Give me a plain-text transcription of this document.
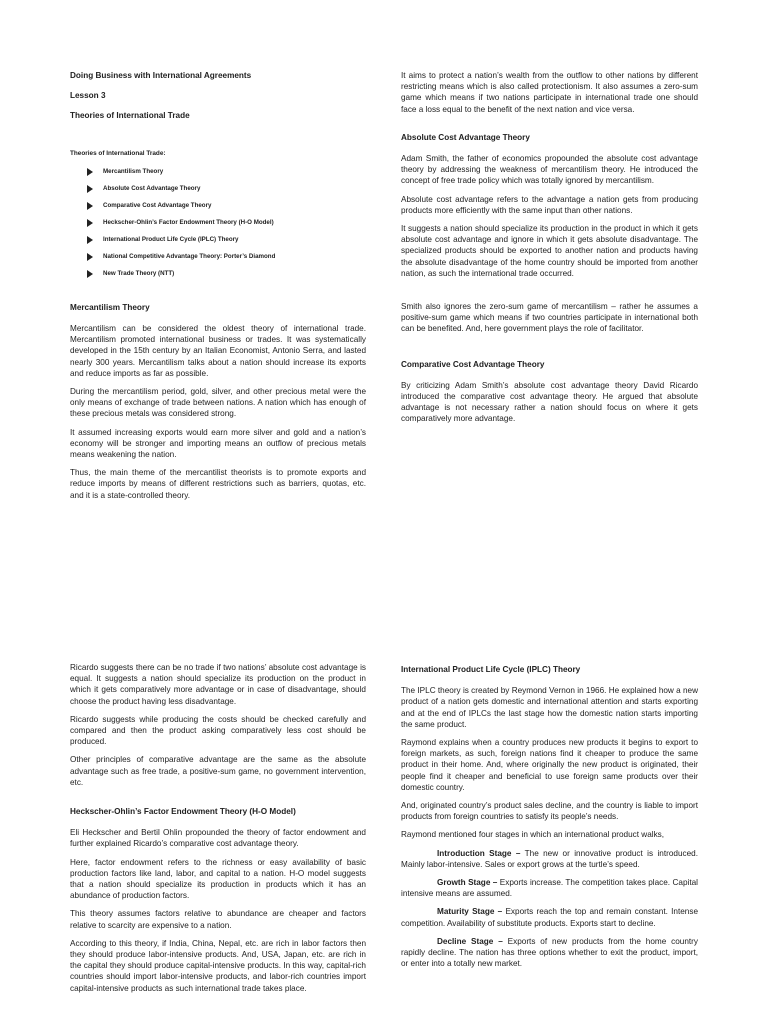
Doing Business with International Agreements
Lesson 3
Theories of International Trade
Theories of International Trade:
Mercantilism Theory
Absolute Cost Advantage Theory
Comparative Cost Advantage Theory
Heckscher-Ohlin’s Factor Endowment Theory (H-O Model)
International Product Life Cycle (IPLC) Theory
National Competitive Advantage Theory: Porter’s Diamond
New Trade Theory (NTT)
Mercantilism Theory

Mercantilism can be considered the oldest theory of international trade. Mercantilism promoted international business or trades. It was systematically developed in the 15th century by an Italian Economist, Antonio Serra, and lasted nearly 300 years. Mercantilism talks about a nation should increase its exports and reduce imports as far as possible.

During the mercantilism period, gold, silver, and other precious metal were the only means of exchange of trade between nations. A nation which has enough of these precious metals was considered strong.

It assumed increasing exports would earn more silver and gold and a nation’s economy will be stronger and importing means an outflow of precious metals means weakening the nation.

Thus, the main theme of the mercantilist theorists is to promote exports and reduce imports by means of different restrictions such as barriers, quotas, etc. and it is a state-controlled theory.

It aims to protect a nation’s wealth from the outflow to other nations by different restricting means which is also called protectionism. It also assumes a zero-sum game which means if two nations participate in international trade one should face a loss equal to the benefit of the next nation and vice versa.

Absolute Cost Advantage Theory

Adam Smith, the father of economics propounded the absolute cost advantage theory by addressing the weakness of mercantilism theory. He introduced the concept of free trade policy which was totally ignored by mercantilism.

Absolute cost advantage refers to the advantage a nation gets from producing products more efficiently with the same input than other nations.

It suggests a nation should specialize its production in the product in which it gets absolute cost advantage and ignore in which it gets absolute disadvantage. The specialized products should be exported to another nation and products having the absolute disadvantage of the home country should be imported from another nation, as such the international trade occurred.

Smith also ignores the zero-sum game of mercantilism – rather he assumes a positive-sum game which means if two countries participate in international both can be benefited. And, here government plays the role of facilitator.

Comparative Cost Advantage Theory

By criticizing Adam Smith’s absolute cost advantage theory David Ricardo introduced the comparative cost advantage theory. He argued that absolute advantage is not necessary rather a nation should focus on where it gets comparatively more advantage.

Ricardo suggests there can be no trade if two nations’ absolute cost advantage is equal. It suggests a nation should specialize its production on the product in which it gets comparatively more advantage or in case of disadvantage, should choose the product having less disadvantage.

Ricardo suggests while producing the costs should be checked carefully and compared and then the product asking comparatively less cost should be produced.

Other principles of comparative advantage are the same as the absolute advantage such as free trade, a positive-sum game, no government intervention, etc.

Heckscher-Ohlin’s Factor Endowment Theory (H-O Model)

Eli Heckscher and Bertil Ohlin propounded the theory of factor endowment and further explained Ricardo’s comparative cost advantage theory.

Here, factor endowment refers to the richness or easy availability of basic production factors like land, labor, and capital to a nation. H-O model suggests that a nation should specialize its production in products which it has an abundance of production factors.

This theory assumes factors relative to abundance are cheaper and factors relative to scarcity are expensive to a nation.

According to this theory, if India, China, Nepal, etc. are rich in labor factors then they should produce labor-intensive products. And, USA, Japan, etc. are rich in the capital they should produce capital-intensive products. In this way, capital-rich countries should import labor-intensive products, and labor-rich countries import capital-intensive products as such international trade takes place.

International Product Life Cycle (IPLC) Theory

The IPLC theory is created by Reymond Vernon in 1966. He explained how a new product of a nation gets domestic and international attention and starts exporting and at the end of IPLCs the last stage how the domestic nation starts importing the same product.

Raymond explains when a country produces new products it begins to export to foreign markets, as such, foreign nations find it cheaper to produce the same product in their home. And, where originally the new product is originated, their people find it cheaper and beneficial to use foreign same products over their domestic country.

And, originated country’s product sales decline, and the country is liable to import products from foreign countries to satisfy its people’s needs.

Raymond mentioned four stages in which an international product walks,

Introduction Stage – The new or innovative product is introduced. Mainly labor-intensive. Sales or export grows at the turtle’s speed.

Growth Stage – Exports increase. The competition takes place. Capital intensive means are assumed.

Maturity Stage – Exports reach the top and remain constant. Intense competition. Availability of substitute products. Exports start to decline.

Decline Stage – Exports of new products from the home country rapidly decline. The nation has three options whether to exit the product, import, or enter into a totally new market.
